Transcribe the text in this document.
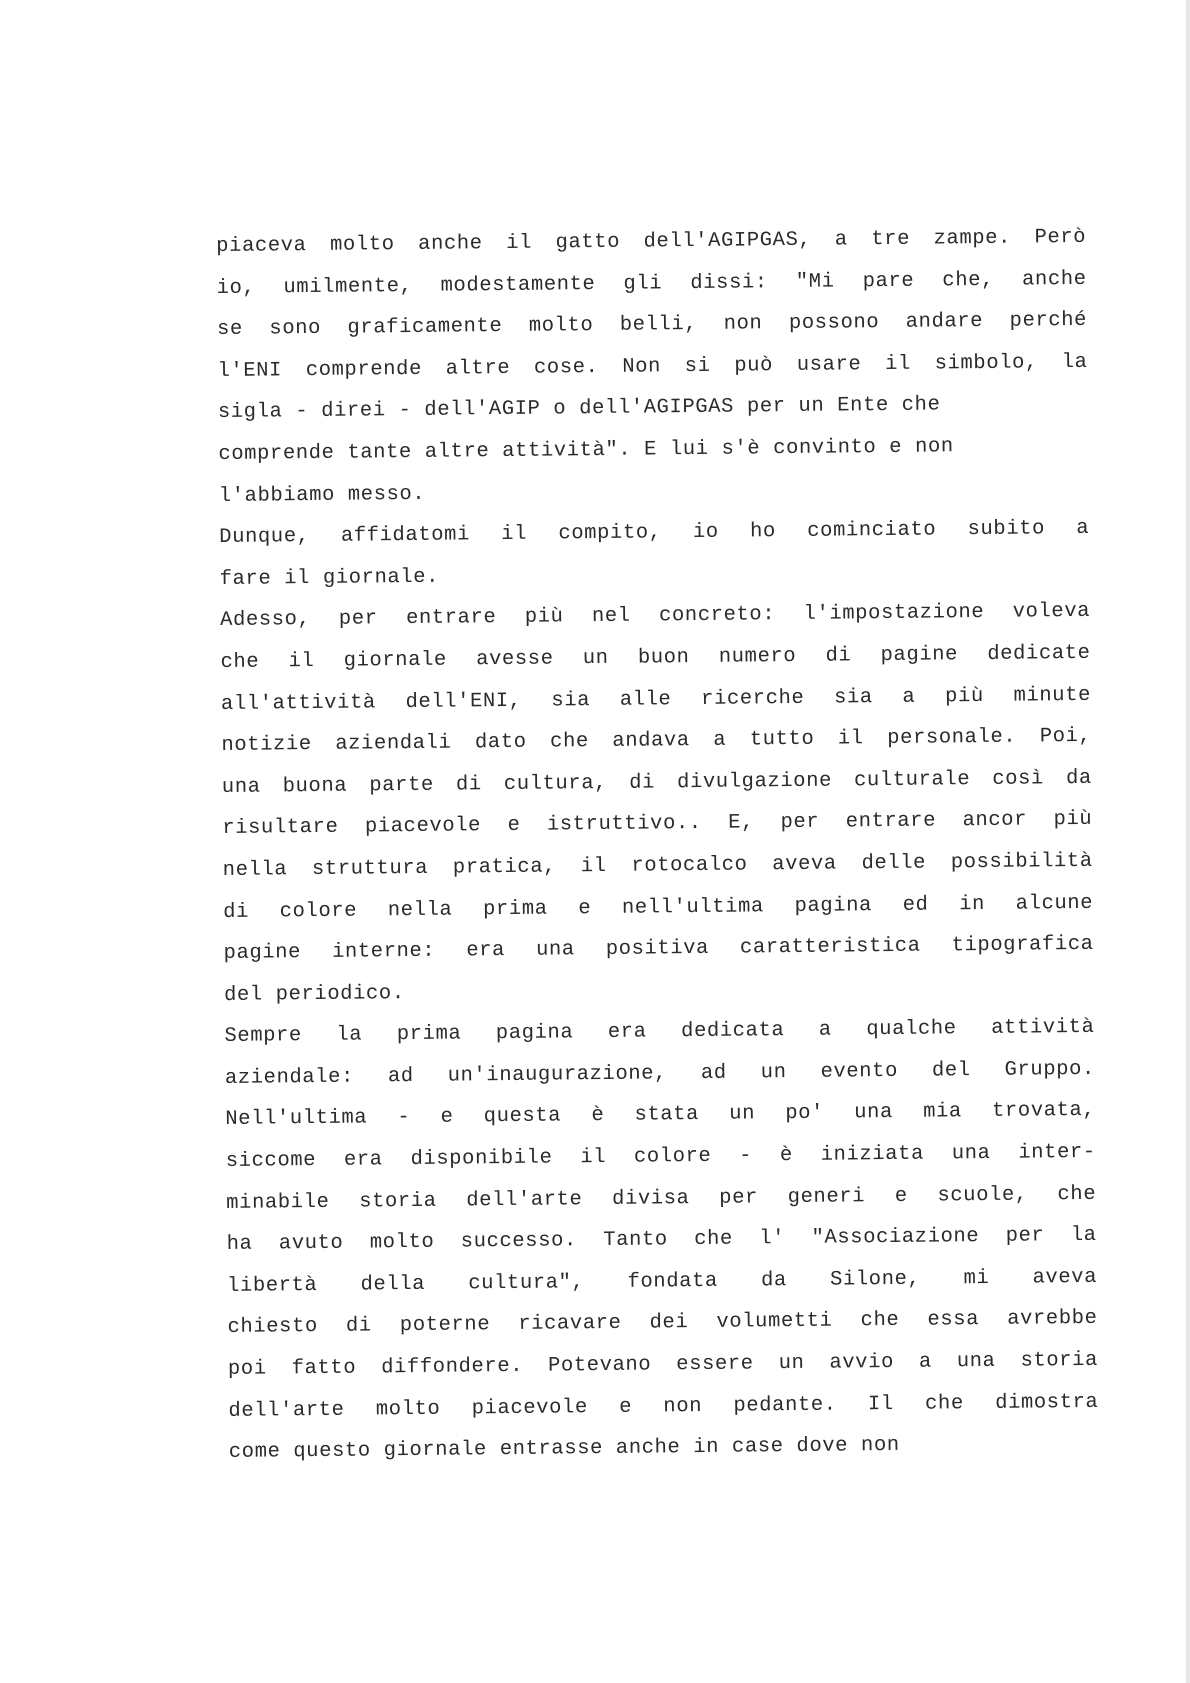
piaceva molto anche il gatto dell'AGIPGAS, a tre zampe. Però
io, umilmente, modestamente gli dissi: "Mi pare che, anche
se sono graficamente molto belli, non possono andare perché
l'ENI comprende altre cose. Non si può usare il simbolo, la
sigla - direi - dell'AGIP o dell'AGIPGAS per un Ente che
comprende tante altre attività". E lui s'è convinto e non
l'abbiamo messo.
Dunque, affidatomi il compito, io ho cominciato subito a
fare il giornale.
Adesso, per entrare più nel concreto: l'impostazione voleva
che il giornale avesse un buon numero di pagine dedicate
all'attività dell'ENI, sia alle ricerche sia a più minute
notizie aziendali dato che andava a tutto il personale. Poi,
una buona parte di cultura, di divulgazione culturale così da
risultare piacevole e istruttivo.. E, per entrare ancor più
nella struttura pratica, il rotocalco aveva delle possibilità
di colore nella prima e nell'ultima pagina ed in alcune
pagine interne: era una positiva caratteristica tipografica
del periodico.
Sempre la prima pagina era dedicata a qualche attività
aziendale: ad un'inaugurazione, ad un evento del Gruppo.
Nell'ultima - e questa è stata un po' una mia trovata,
siccome era disponibile il colore - è iniziata una inter-
minabile storia dell'arte divisa per generi e scuole, che
ha avuto molto successo. Tanto che l' "Associazione per la
libertà della cultura", fondata da Silone, mi aveva
chiesto di poterne ricavare dei volumetti che essa avrebbe
poi fatto diffondere. Potevano essere un avvio a una storia
dell'arte molto piacevole e non pedante. Il che dimostra
come questo giornale entrasse anche in case dove non
